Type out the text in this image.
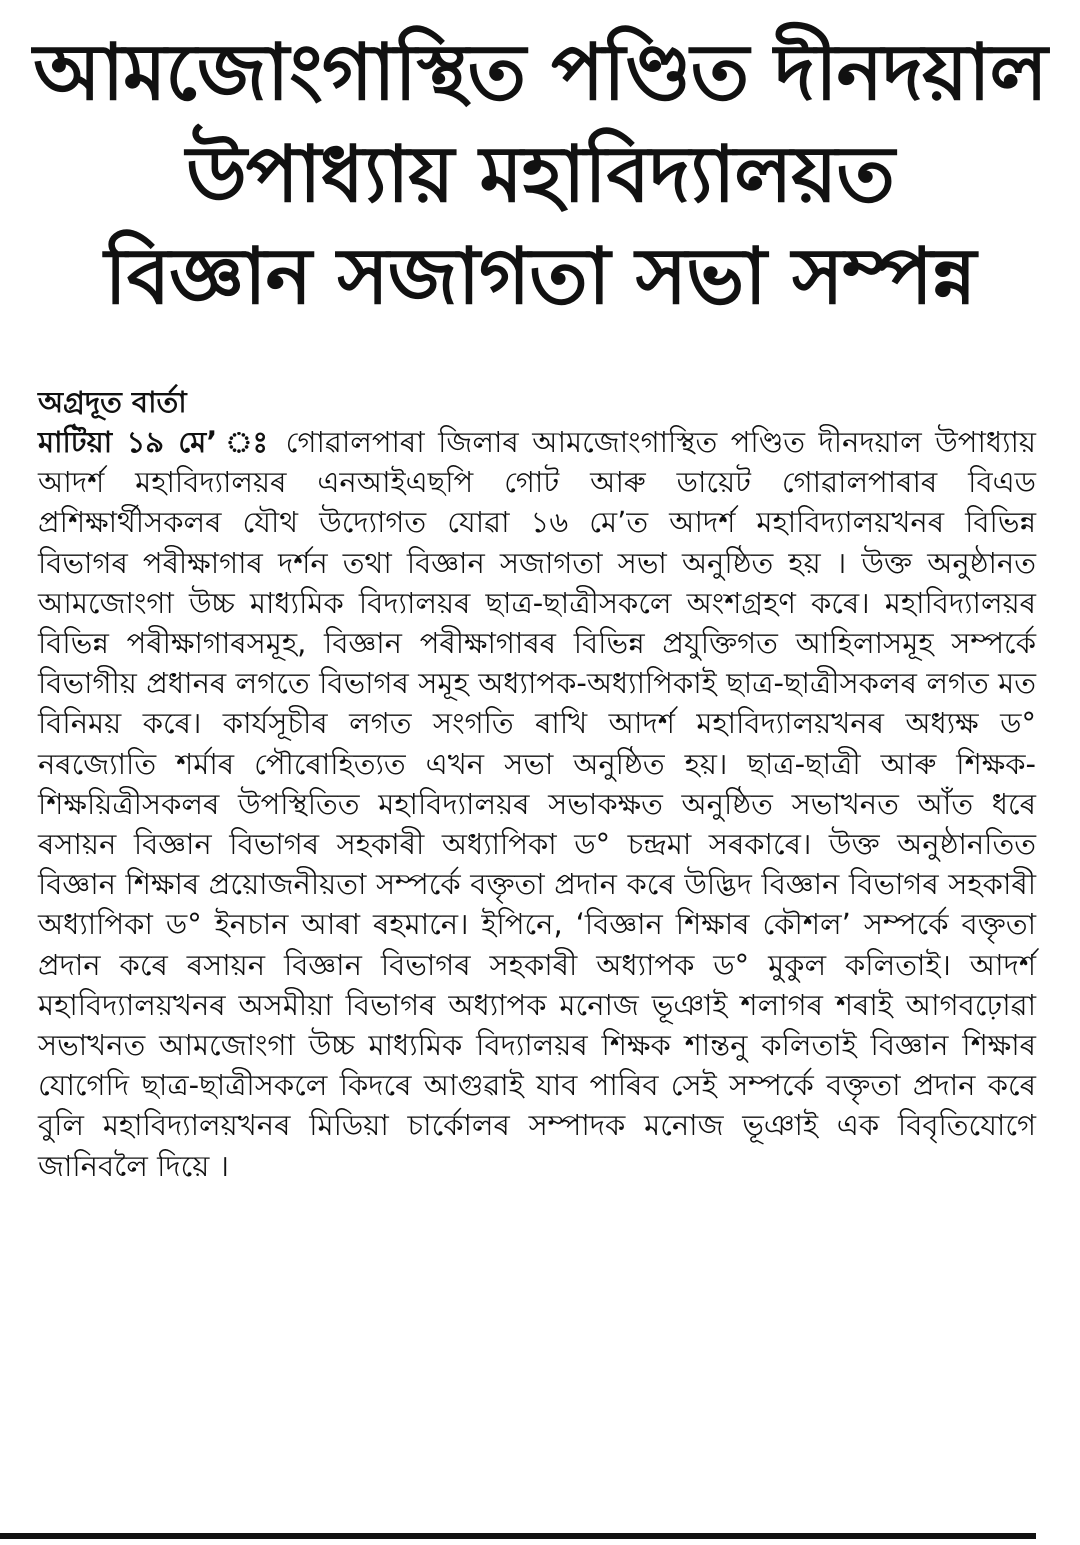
আমজোংগাস্থিত পণ্ডিত দীনদয়াল
উপাধ্যায় মহাবিদ্যালয়ত
বিজ্ঞান সজাগতা সভা সম্পন্ন
অগ্ৰদূত বাৰ্তা

মাটিয়া ১৯ মে’ ঃ গোৱালপাৰা জিলাৰ আমজোংগাস্থিত পণ্ডিত দীনদয়াল উপাধ্যায় আদৰ্শ মহাবিদ্যালয়ৰ এনআইএছপি গোট আৰু ডায়েট গোৱালপাৰাৰ বিএড প্ৰশিক্ষাৰ্থীসকলৰ যৌথ উদ্যোগত যোৱা ১৬ মে’ত আদৰ্শ মহাবিদ্যালয়খনৰ বিভিন্ন বিভাগৰ পৰীক্ষাগাৰ দৰ্শন তথা বিজ্ঞান সজাগতা সভা অনুষ্ঠিত হয় । উক্ত অনুষ্ঠানত আমজোংগা উচ্চ মাধ্যমিক বিদ্যালয়ৰ ছাত্ৰ-ছাত্ৰীসকলে অংশগ্ৰহণ কৰে। মহাবিদ্যালয়ৰ বিভিন্ন পৰীক্ষাগাৰসমূহ, বিজ্ঞান পৰীক্ষাগাৰৰ বিভিন্ন প্ৰযুক্তিগত আহিলাসমূহ সম্পৰ্কে বিভাগীয় প্ৰধানৰ লগতে বিভাগৰ সমূহ অধ্যাপক-অধ্যাপিকাই ছাত্ৰ-ছাত্ৰীসকলৰ লগত মত বিনিময় কৰে। কাৰ্যসূচীৰ লগত সংগতি ৰাখি আদৰ্শ মহাবিদ্যালয়খনৰ অধ্যক্ষ ড° নৰজ্যোতি শৰ্মাৰ পৌৰোহিত্যত এখন সভা অনুষ্ঠিত হয়। ছাত্ৰ-ছাত্ৰী আৰু শিক্ষক-শিক্ষয়িত্ৰীসকলৰ উপস্থিতিত মহাবিদ্যালয়ৰ সভাকক্ষত অনুষ্ঠিত সভাখনত আঁত ধৰে ৰসায়ন বিজ্ঞান বিভাগৰ সহকাৰী অধ্যাপিকা ড° চন্দ্ৰমা সৰকাৰে। উক্ত অনুষ্ঠানতিত বিজ্ঞান শিক্ষাৰ প্ৰয়োজনীয়তা সম্পৰ্কে বক্তৃতা প্ৰদান কৰে উদ্ভিদ বিজ্ঞান বিভাগৰ সহকাৰী অধ্যাপিকা ড° ইনচান আৰা ৰহমানে। ইপিনে, ‘বিজ্ঞান শিক্ষাৰ কৌশল’ সম্পৰ্কে বক্তৃতা প্ৰদান কৰে ৰসায়ন বিজ্ঞান বিভাগৰ সহকাৰী অধ্যাপক ড° মুকুল কলিতাই। আদৰ্শ মহাবিদ্যালয়খনৰ অসমীয়া বিভাগৰ অধ্যাপক মনোজ ভূঞাই শলাগৰ শৰাই আগবঢ়োৱা সভাখনত আমজোংগা উচ্চ মাধ্যমিক বিদ্যালয়ৰ শিক্ষক শান্তনু কলিতাই বিজ্ঞান শিক্ষাৰ যোগেদি ছাত্ৰ-ছাত্ৰীসকলে কিদৰে আগুৱাই যাব পাৰিব সেই সম্পৰ্কে বক্তৃতা প্ৰদান কৰে বুলি মহাবিদ্যালয়খনৰ মিডিয়া চাৰ্কোলৰ সম্পাদক মনোজ ভূঞাই এক বিবৃতিযোগে জানিবলৈ দিয়ে ।
